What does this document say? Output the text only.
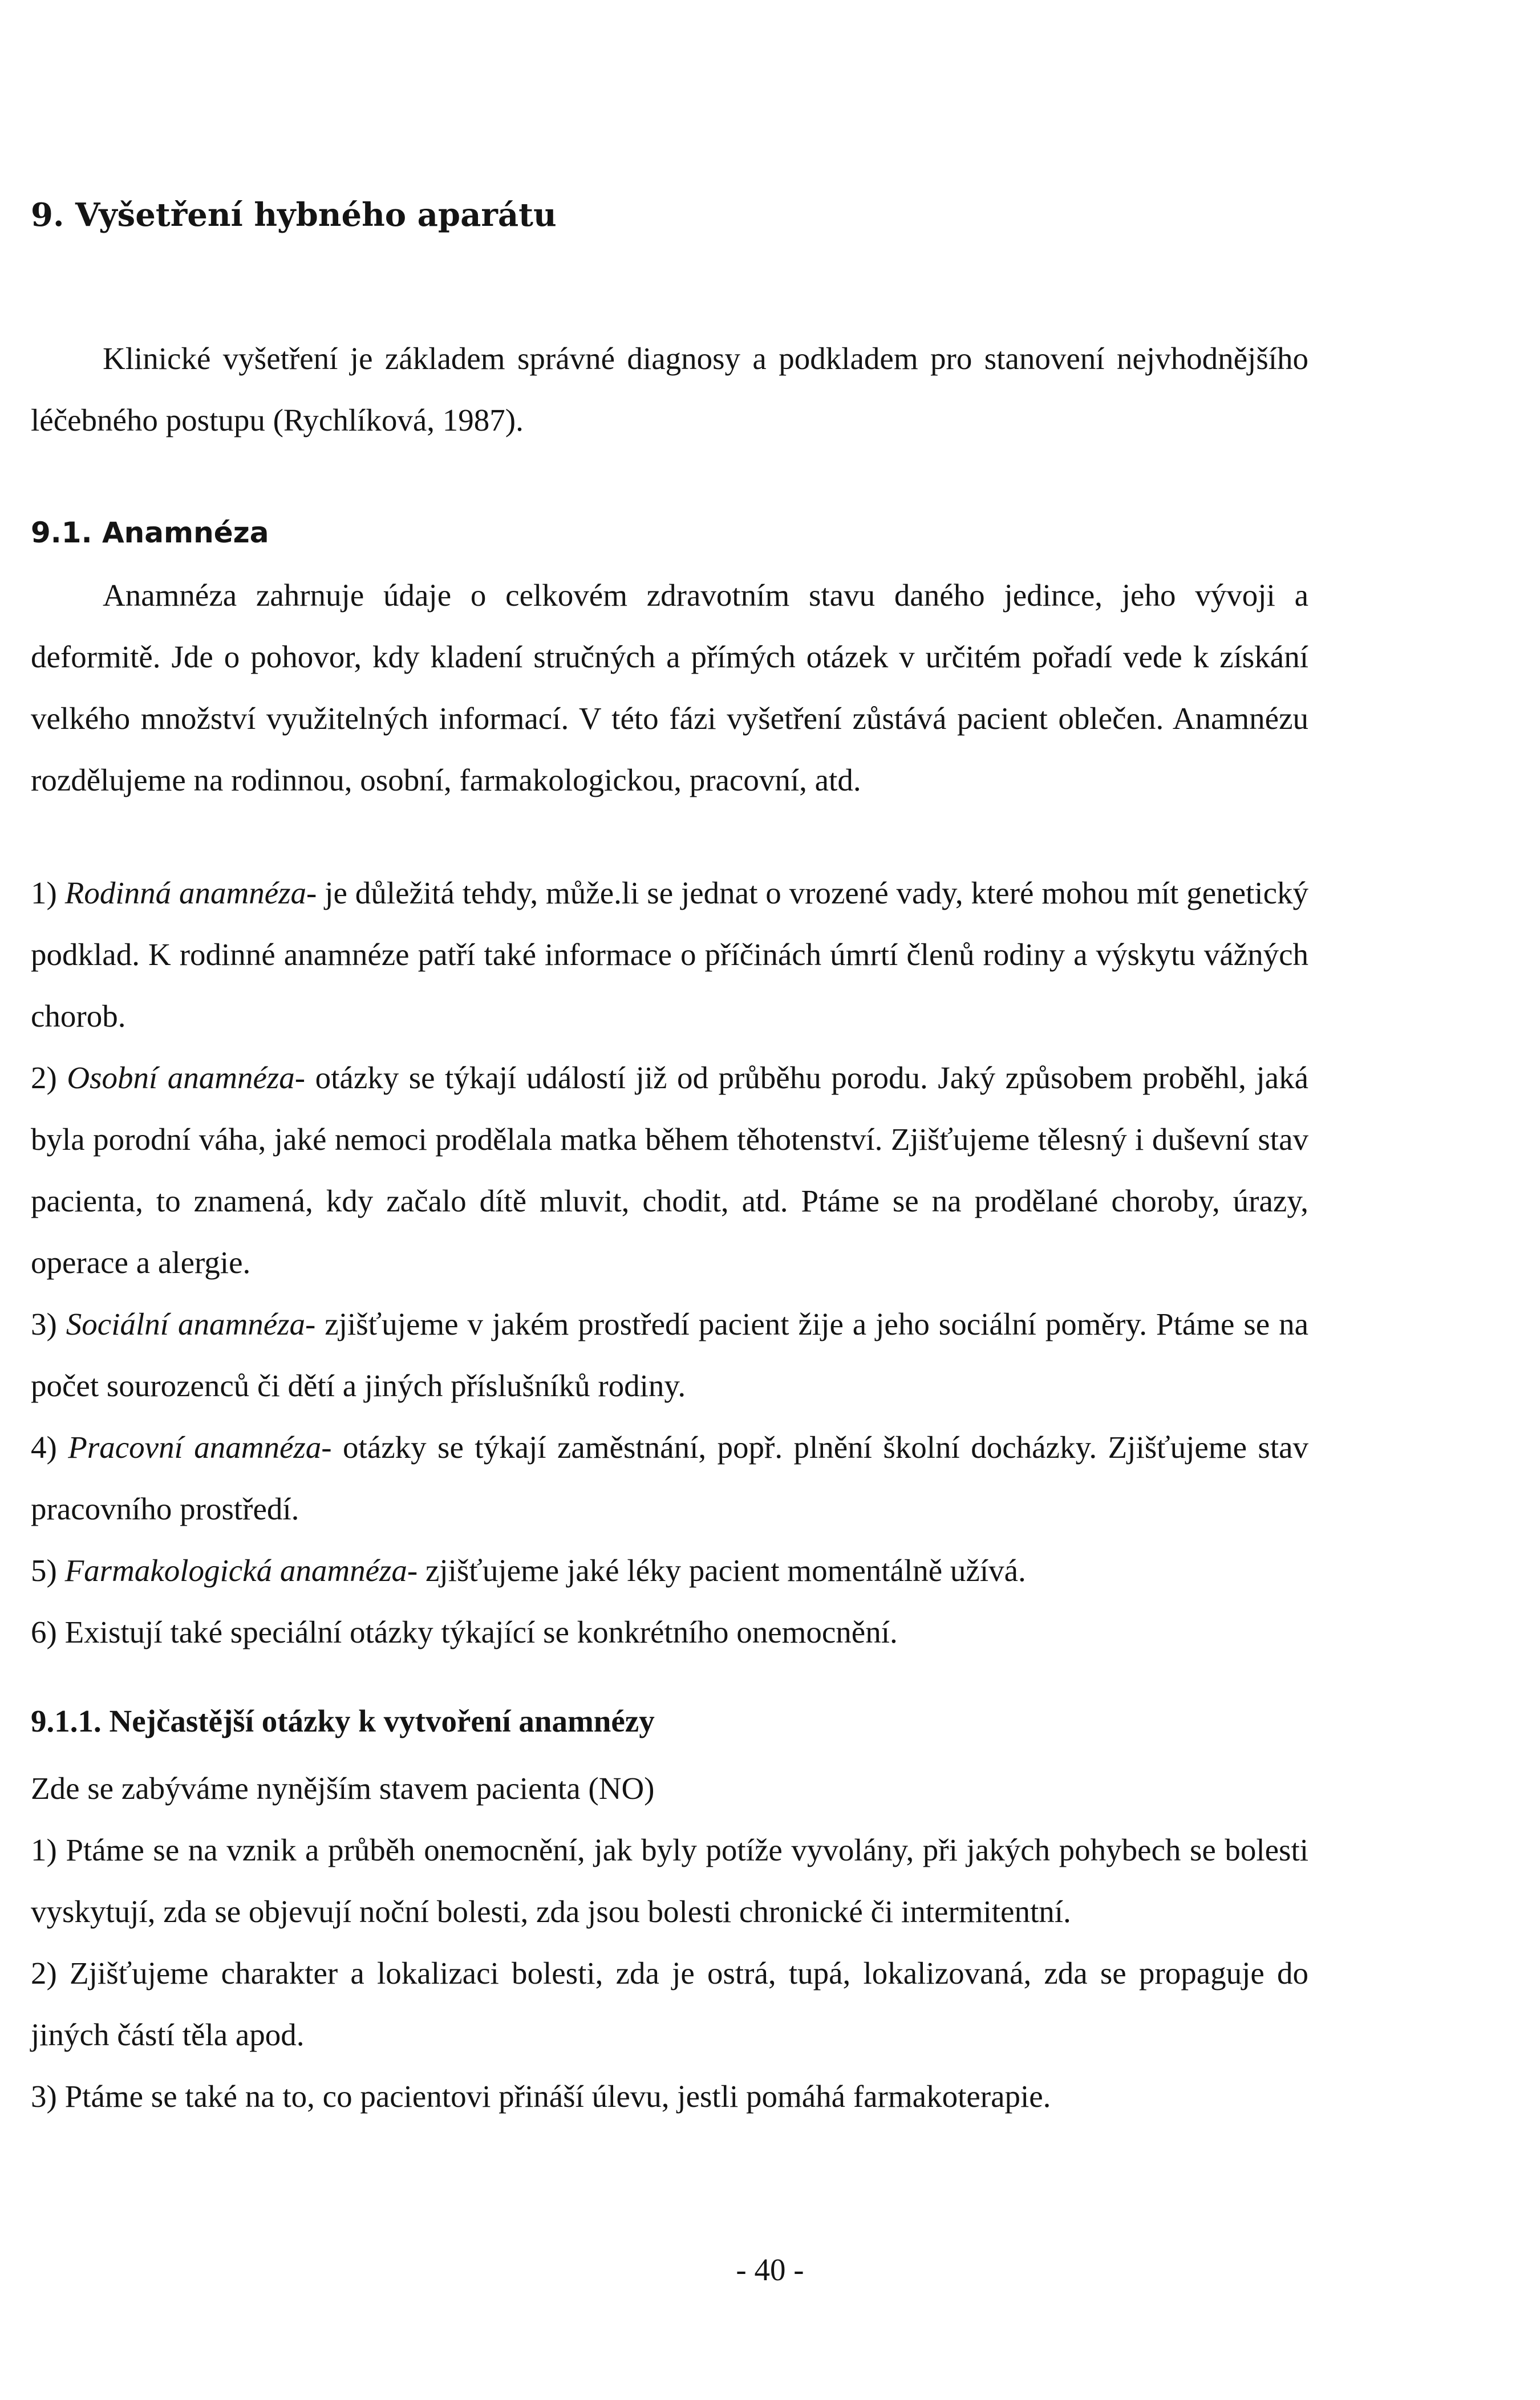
9. Vyšetření hybného aparátu

Klinické vyšetření je základem správné diagnosy a podkladem pro stanovení nejvhodnějšího léčebného postupu (Rychlíková, 1987).

9.1. Anamnéza

Anamnéza zahrnuje údaje o celkovém zdravotním stavu daného jedince, jeho vývoji a deformitě. Jde o pohovor, kdy kladení stručných a přímých otázek v určitém pořadí vede k získání velkého množství využitelných informací. V této fázi vyšetření zůstává pacient oblečen. Anamnézu rozdělujeme na rodinnou, osobní, farmakologickou, pracovní, atd.

1) Rodinná anamnéza- je důležitá tehdy, může.li se jednat o vrozené vady, které mohou mít genetický podklad. K rodinné anamnéze patří také informace o příčinách úmrtí členů rodiny a výskytu vážných chorob.

2) Osobní anamnéza- otázky se týkají událostí již od průběhu porodu. Jaký způsobem proběhl, jaká byla porodní váha, jaké nemoci prodělala matka během těhotenství. Zjišťujeme tělesný i duševní stav pacienta, to znamená, kdy začalo dítě mluvit, chodit, atd. Ptáme se na prodělané choroby, úrazy, operace a alergie.

3) Sociální anamnéza- zjišťujeme v jakém prostředí pacient žije a jeho sociální poměry. Ptáme se na počet sourozenců či dětí a jiných příslušníků rodiny.

4) Pracovní anamnéza- otázky se týkají zaměstnání, popř. plnění školní docházky. Zjišťujeme stav pracovního prostředí.

5) Farmakologická anamnéza- zjišťujeme jaké léky pacient momentálně užívá.

6) Existují také speciální otázky týkající se konkrétního onemocnění.

9.1.1. Nejčastější otázky k vytvoření anamnézy

Zde se zabýváme nynějším stavem pacienta (NO)

1) Ptáme se na vznik a průběh onemocnění, jak byly potíže vyvolány, při jakých pohybech se bolesti vyskytují, zda se objevují noční bolesti, zda jsou bolesti chronické či intermitentní.

2) Zjišťujeme charakter a lokalizaci bolesti, zda je ostrá, tupá, lokalizovaná, zda se propaguje do jiných částí těla apod.

3) Ptáme se také na to, co pacientovi přináší úlevu, jestli pomáhá farmakoterapie.

- 40 -
